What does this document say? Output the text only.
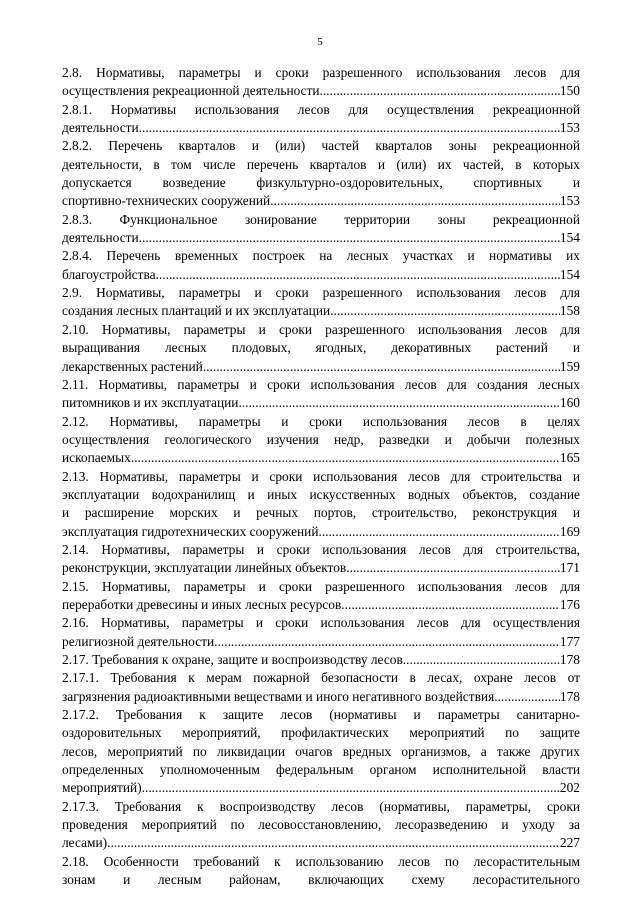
5
2.8. Нормативы, параметры и сроки разрешенного использования лесов для
осуществления рекреационной деятельности .....	150
2.8.1. Нормативы использования лесов для осуществления рекреационной
деятельности .....	153
2.8.2. Перечень кварталов и (или) частей кварталов зоны рекреационной
деятельности, в том числе перечень кварталов и (или) их частей, в которых
допускается возведение физкультурно-оздоровительных, спортивных и
спортивно-технических сооружений .....	153
2.8.3. Функциональное зонирование территории зоны рекреационной
деятельности .....	154
2.8.4. Перечень временных построек на лесных участках и нормативы их
благоустройства .....	154
2.9. Нормативы, параметры и сроки разрешенного использования лесов для
создания лесных плантаций и их эксплуатации .....	158
2.10. Нормативы, параметры и сроки разрешенного использования лесов для
выращивания лесных плодовых, ягодных, декоративных растений и
лекарственных растений .....	159
2.11. Нормативы, параметры и сроки использования лесов для создания лесных
питомников и их эксплуатации .....	160
2.12. Нормативы, параметры и сроки использования лесов в целях
осуществления геологического изучения недр, разведки и добычи полезных
ископаемых .....	165
2.13. Нормативы, параметры и сроки использования лесов для строительства и
эксплуатации водохранилищ и иных искусственных водных объектов, создание
и расширение морских и речных портов, строительство, реконструкция и
эксплуатация гидротехнических сооружений .....	169
2.14. Нормативы, параметры и сроки использования лесов для строительства,
реконструкции, эксплуатации линейных объектов .....	171
2.15. Нормативы, параметры и сроки разрешенного использования лесов для
переработки древесины и иных лесных ресурсов .....	176
2.16. Нормативы, параметры и сроки использования лесов для осуществления
религиозной деятельности .....	177
2.17. Требования к охране, защите и воспроизводству лесов .....	178
2.17.1. Требования к мерам пожарной безопасности в лесах, охране лесов от
загрязнения радиоактивными веществами и иного негативного воздействия .....	178
2.17.2. Требования к защите лесов (нормативы и параметры санитарно-
оздоровительных мероприятий, профилактических мероприятий по защите
лесов, мероприятий по ликвидации очагов вредных организмов, а также других
определенных уполномоченным федеральным органом исполнительной власти
мероприятий) .....	202
2.17.3. Требования к воспроизводству лесов (нормативы, параметры, сроки
проведения мероприятий по лесовосстановлению, лесоразведению и уходу за
лесами) .....	227
2.18. Особенности требований к использованию лесов по лесорастительным
зонам и лесным районам, включающих схему лесорастительного
